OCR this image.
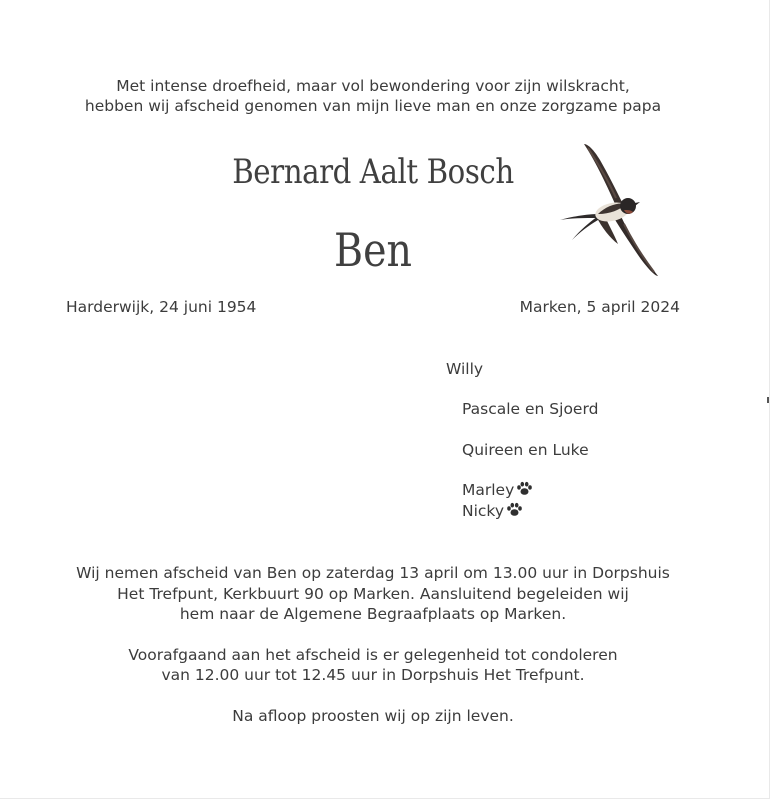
Met intense droefheid, maar vol bewondering voor zijn wilskracht,
hebben wij afscheid genomen van mijn lieve man en onze zorgzame papa
Bernard Aalt Bosch
Ben
Harderwijk, 24 juni 1954	Marken, 5 april 2024
Willy
Pascale en Sjoerd
Quireen en Luke
Marley
Nicky
Wij nemen afscheid van Ben op zaterdag 13 april om 13.00 uur in Dorpshuis
Het Trefpunt, Kerkbuurt 90 op Marken. Aansluitend begeleiden wij
hem naar de Algemene Begraafplaats op Marken.
Voorafgaand aan het afscheid is er gelegenheid tot condoleren
van 12.00 uur tot 12.45 uur in Dorpshuis Het Trefpunt.
Na afloop proosten wij op zijn leven.
